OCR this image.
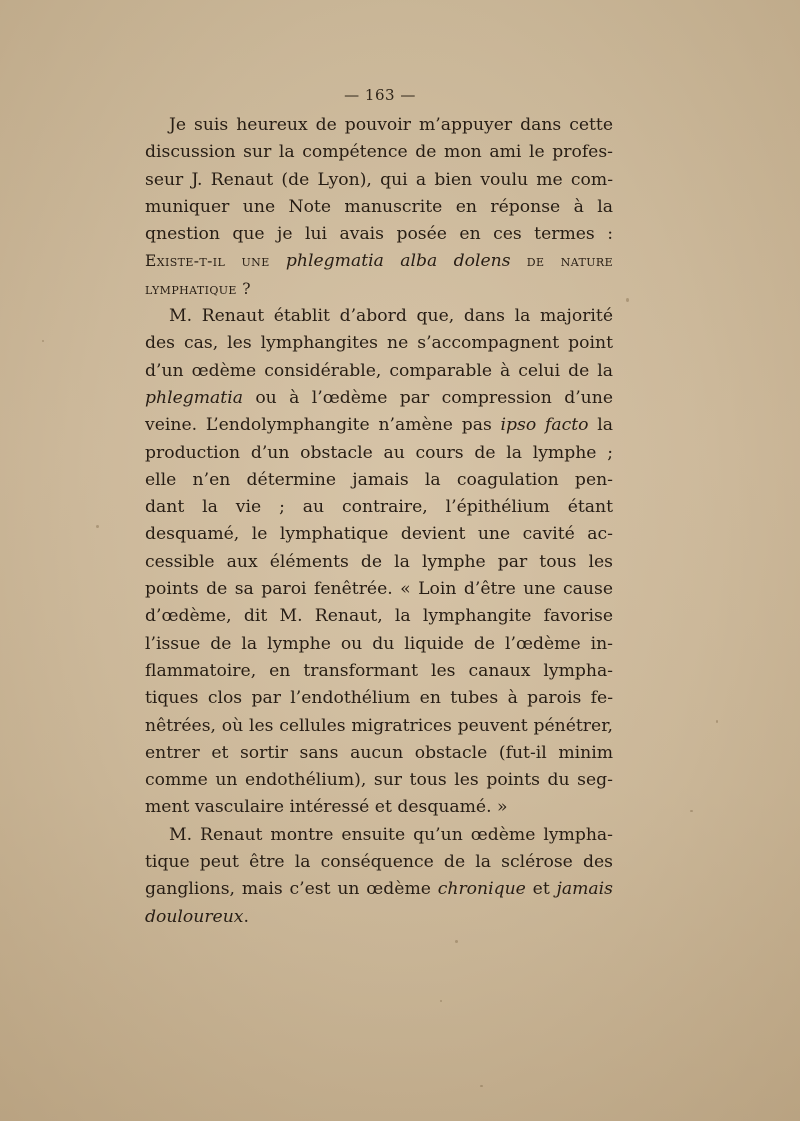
— 163 —
Je suis heureux de pouvoir m’appuyer dans cette
discussion sur la compétence de mon ami le profes-
seur J. Renaut (de Lyon), qui a bien voulu me com-
muniquer une Note manuscrite en réponse à la
qnestion que je lui avais posée en ces termes :
Existe-t-il une phlegmatia alba dolens de nature
lymphatique ?
M. Renaut établit d’abord que, dans la majorité
des cas, les lymphangites ne s’accompagnent point
d’un œdème considérable, comparable à celui de la
phlegmatia ou à l’œdème par compression d’une
veine. L’endolymphangite n’amène pas ipso facto la
production d’un obstacle au cours de la lymphe ;
elle n’en détermine jamais la coagulation pen-
dant la vie ; au contraire, l’épithélium étant
desquamé, le lymphatique devient une cavité ac-
cessible aux éléments de la lymphe par tous les
points de sa paroi fenêtrée. « Loin d’être une cause
d’œdème, dit M. Renaut, la lymphangite favorise
l’issue de la lymphe ou du liquide de l’œdème in-
flammatoire, en transformant les canaux lympha-
tiques clos par l’endothélium en tubes à parois fe-
nêtrées, où les cellules migratrices peuvent pénétrer,
entrer et sortir sans aucun obstacle (fut-il minim
comme un endothélium), sur tous les points du seg-
ment vasculaire intéressé et desquamé. »
M. Renaut montre ensuite qu’un œdème lympha-
tique peut être la conséquence de la sclérose des
ganglions, mais c’est un œdème chronique et jamais
douloureux.
